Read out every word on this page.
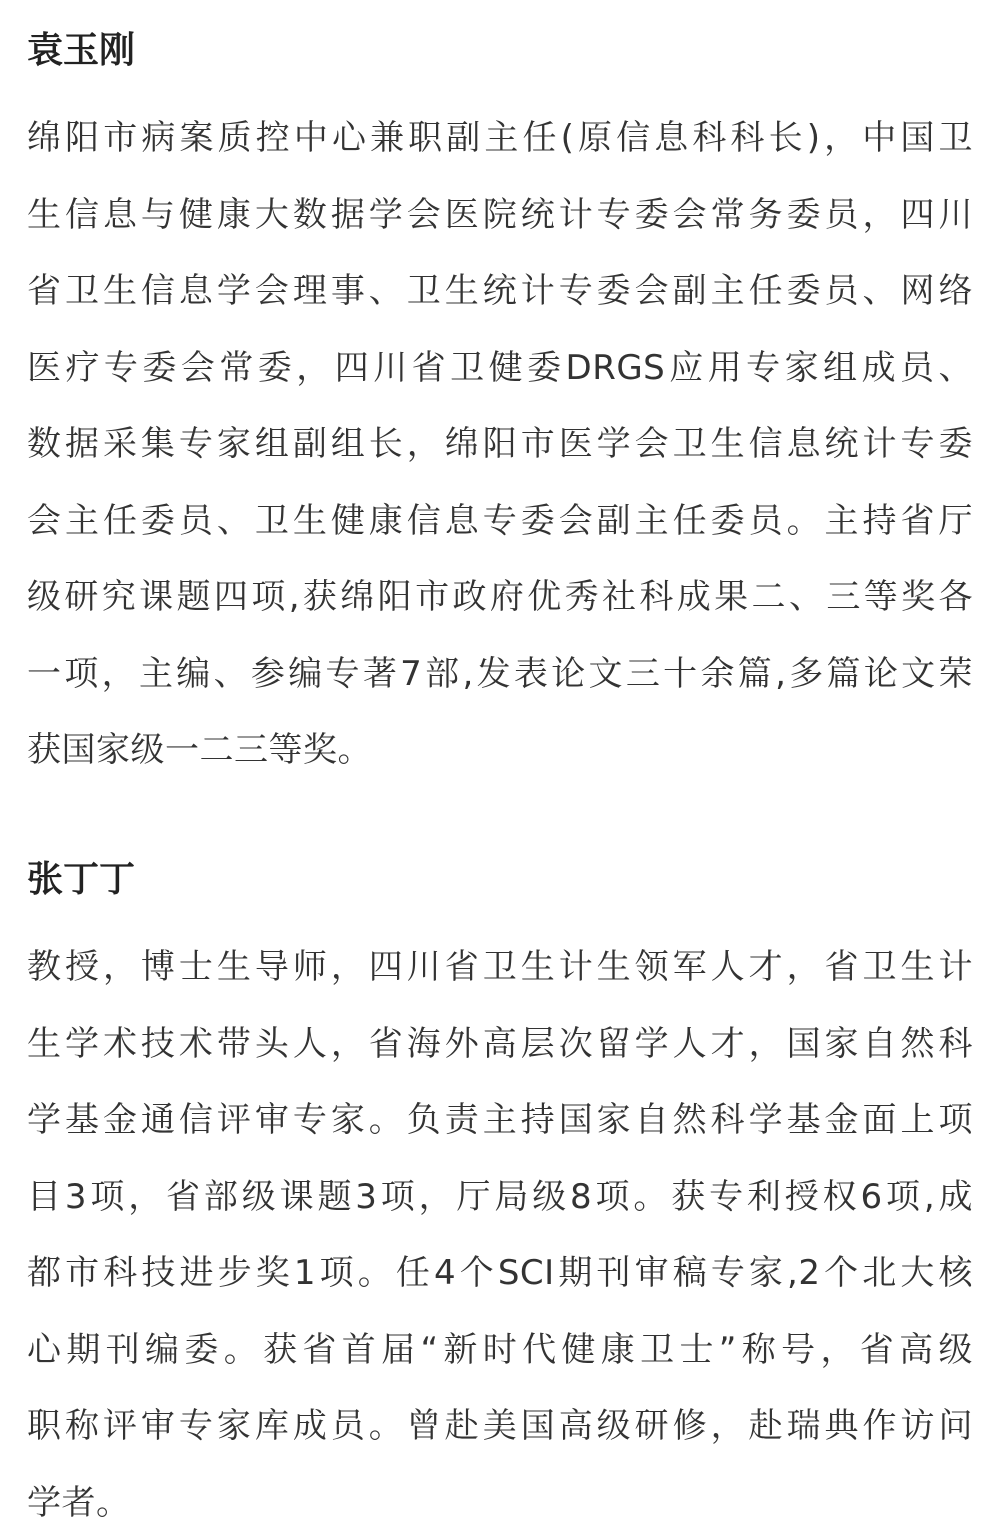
袁玉刚
绵阳市病案质控中心兼职副主任(原信息科科长)，中国卫
生信息与健康大数据学会医院统计专委会常务委员，四川
省卫生信息学会理事、卫生统计专委会副主任委员、网络
医疗专委会常委，四川省卫健委DRGS应用专家组成员、
数据采集专家组副组长，绵阳市医学会卫生信息统计专委
会主任委员、卫生健康信息专委会副主任委员。主持省厅
级研究课题四项,获绵阳市政府优秀社科成果二、三等奖各
一项，主编、参编专著7部,发表论文三十余篇,多篇论文荣
获国家级一二三等奖。
张丁丁
教授，博士生导师，四川省卫生计生领军人才，省卫生计
生学术技术带头人，省海外高层次留学人才，国家自然科
学基金通信评审专家。负责主持国家自然科学基金面上项
目3项，省部级课题3项，厅局级8项。获专利授权6项,成
都市科技进步奖1项。任4个SCI期刊审稿专家,2个北大核
心期刊编委。获省首届“新时代健康卫士”称号，省高级
职称评审专家库成员。曾赴美国高级研修，赴瑞典作访问
学者。
